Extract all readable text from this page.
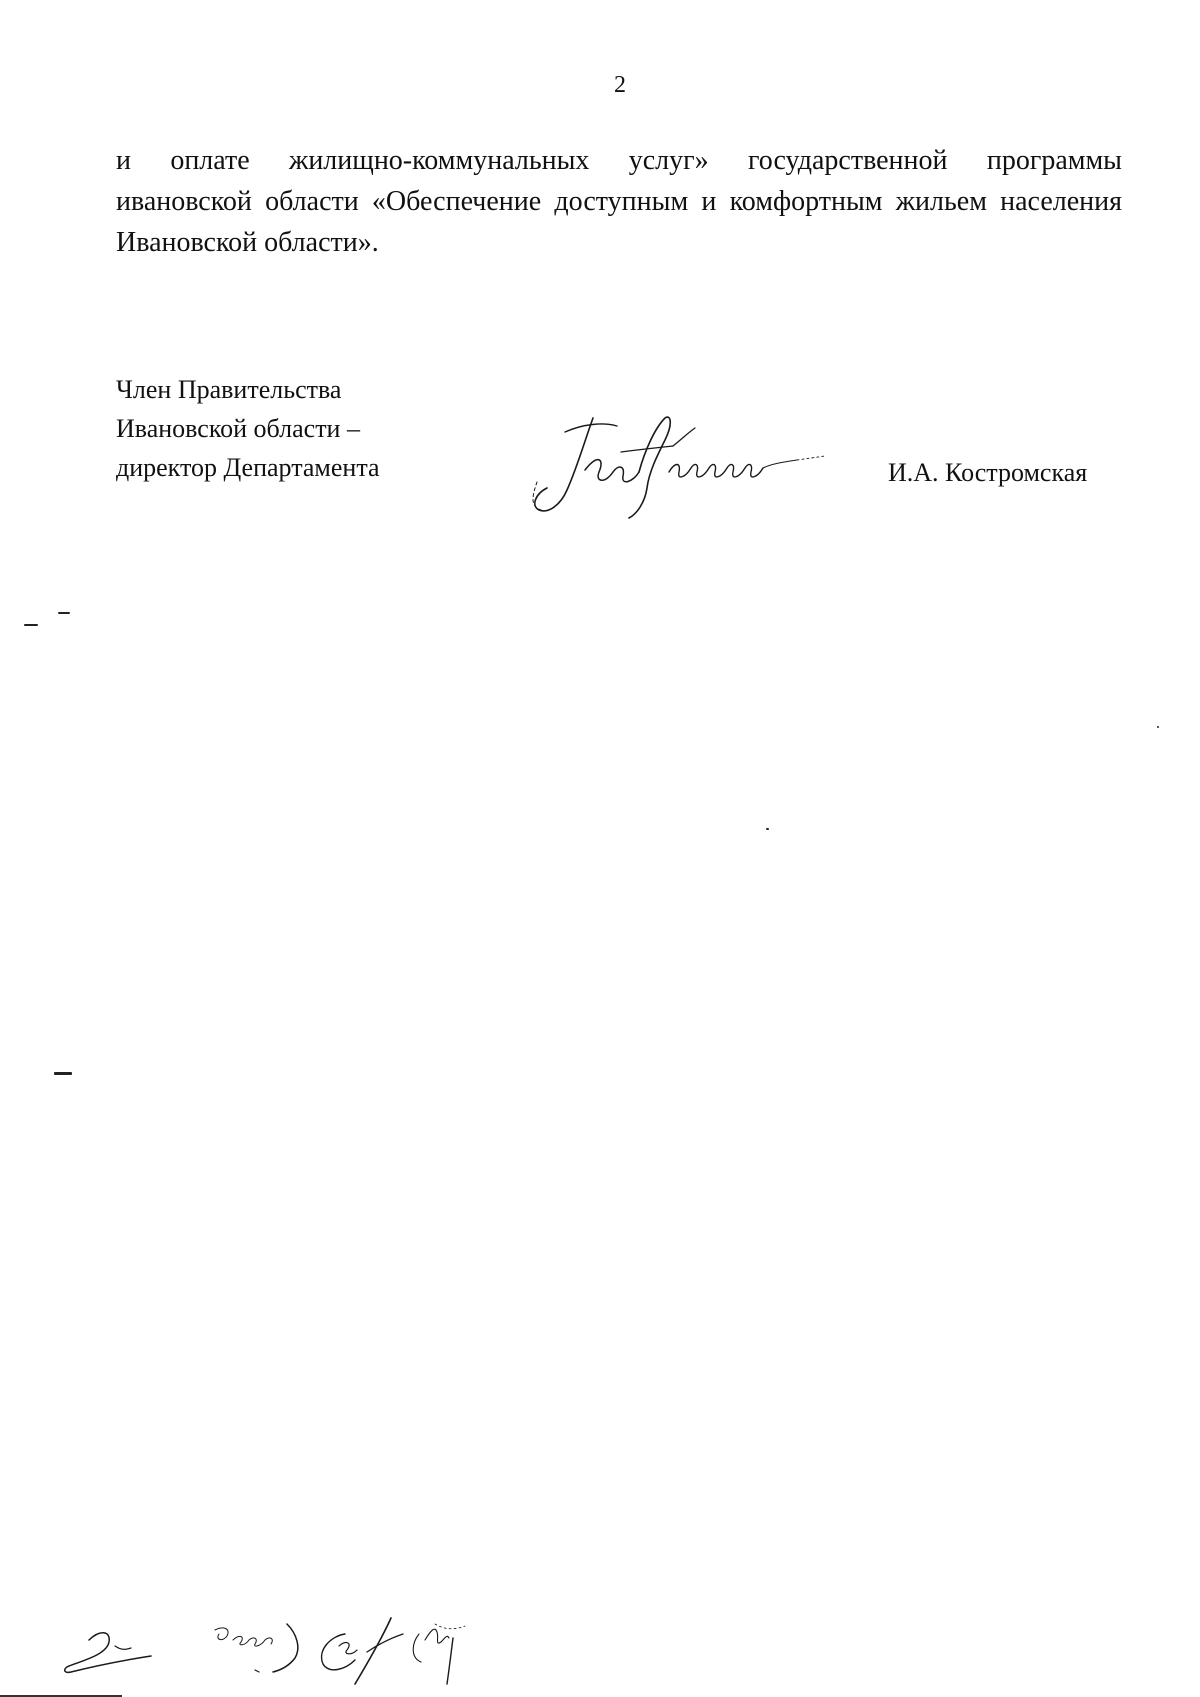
2
и оплате жилищно-коммунальных услуг» государственной программы
ивановской области «Обеспечение доступным и комфортным жильем населения
Ивановской области».
Член Правительства
Ивановской области –
директор Департамента	И.А. Костромская
